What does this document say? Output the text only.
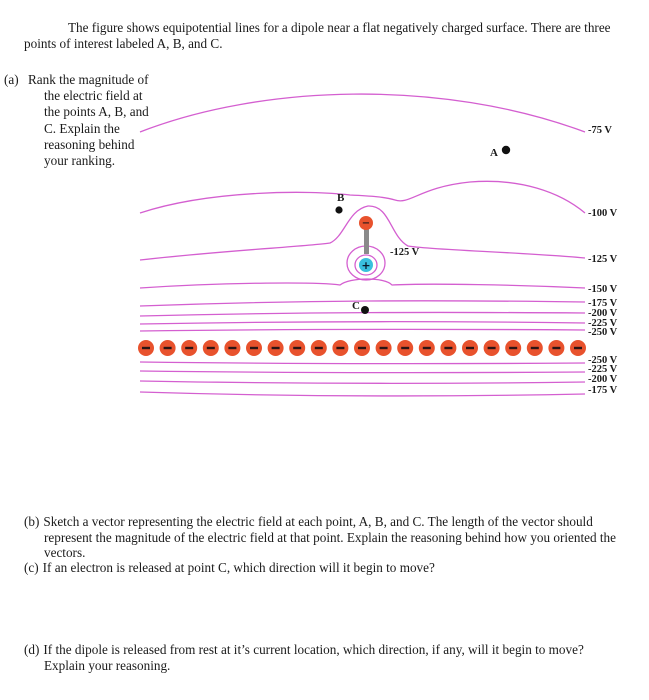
The figure shows equipotential lines for a dipole near a flat negatively charged surface. There are three points of interest labeled A, B, and C.
(a) Rank the magnitude of the electric field at the points A, B, and C. Explain the reasoning behind your ranking.
-75 V
-100 V
-125 V
-150 V
-175 V
-200 V
-225 V
-250 V
-250 V
-225 V
-200 V
-175 V
-125 V
A
B
C
−
+
(b) Sketch a vector representing the electric field at each point, A, B, and C. The length of the vector should represent the magnitude of the electric field at that point. Explain the reasoning behind how you oriented the vectors.
(c) If an electron is released at point C, which direction will it begin to move?
(d) If the dipole is released from rest at it’s current location, which direction, if any, will it begin to move? Explain your reasoning.
